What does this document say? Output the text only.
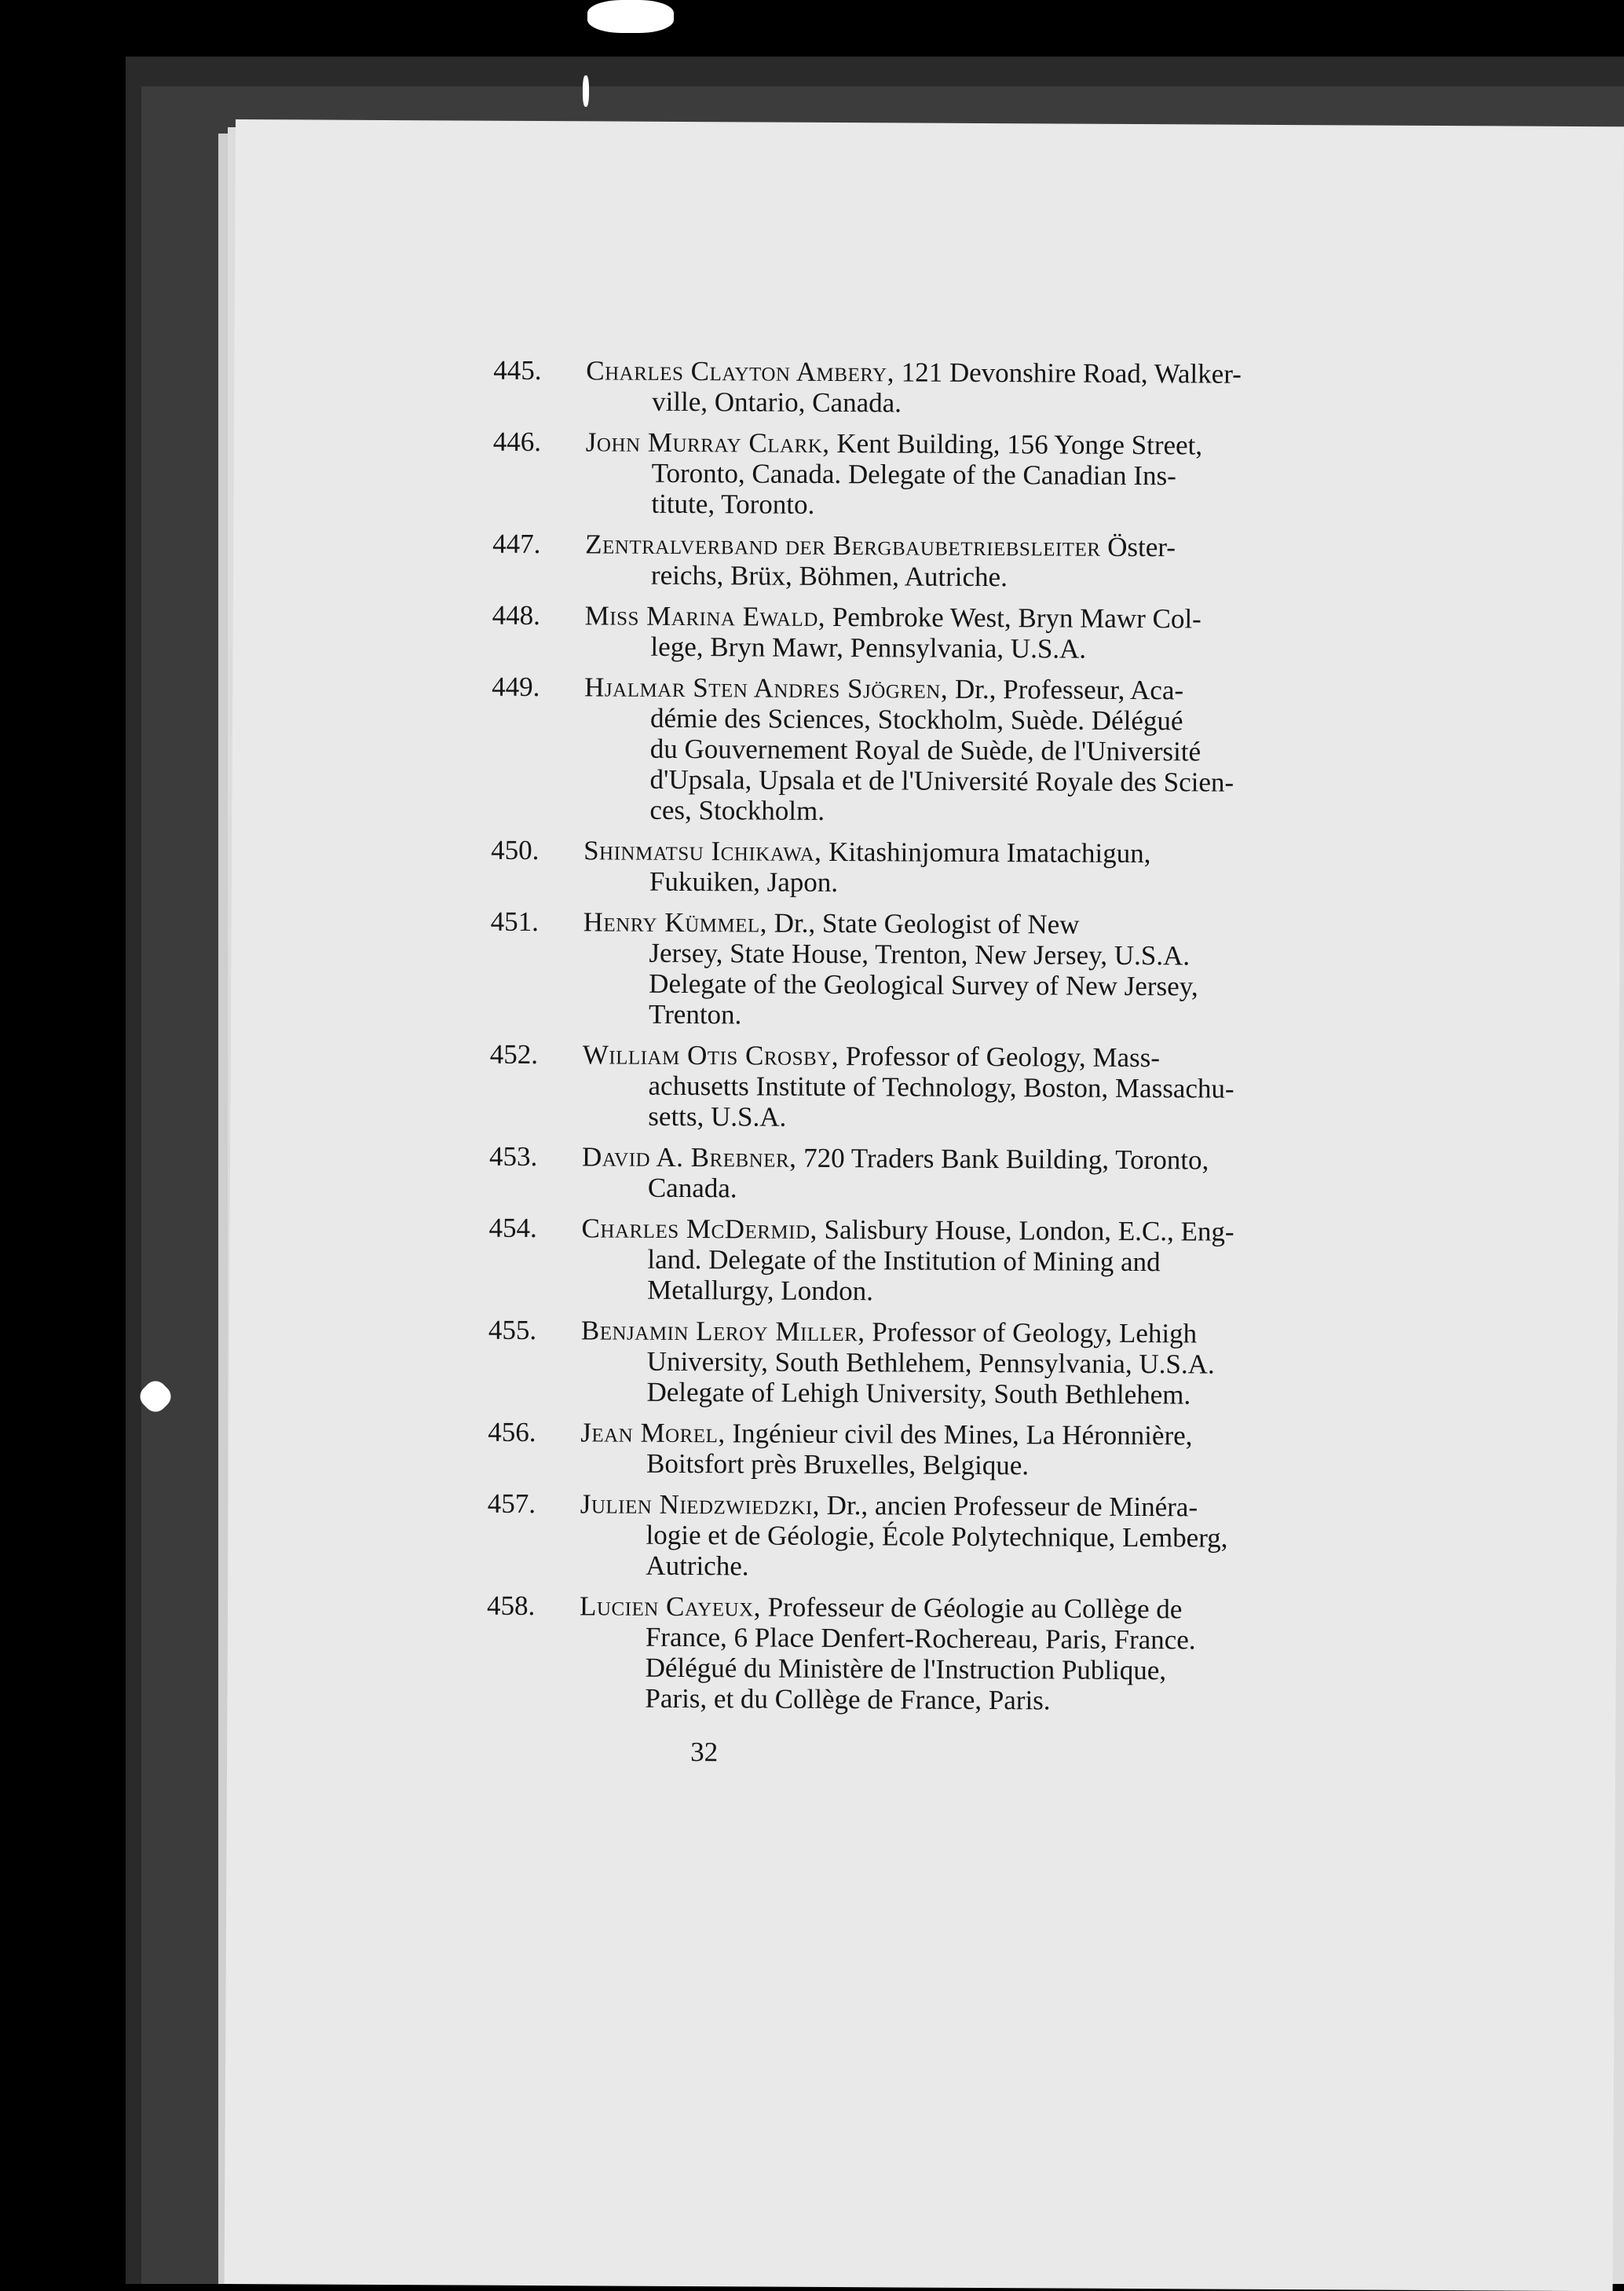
445.	Charles Clayton Ambery, 121 Devonshire Road, Walker-
ville, Ontario, Canada.
446.	John Murray Clark, Kent Building, 156 Yonge Street,
Toronto, Canada. Delegate of the Canadian Ins-
titute, Toronto.
447.	Zentralverband der Bergbaubetriebsleiter Öster-
reichs, Brüx, Böhmen, Autriche.
448.	Miss Marina Ewald, Pembroke West, Bryn Mawr Col-
lege, Bryn Mawr, Pennsylvania, U.S.A.
449.	Hjalmar Sten Andres Sjögren, Dr., Professeur, Aca-
démie des Sciences, Stockholm, Suède. Délégué
du Gouvernement Royal de Suède, de l'Université
d'Upsala, Upsala et de l'Université Royale des Scien-
ces, Stockholm.
450.	Shinmatsu Ichikawa, Kitashinjomura Imatachigun,
Fukuiken, Japon.
451.	Henry Kümmel, Dr., State Geologist of New
Jersey, State House, Trenton, New Jersey, U.S.A.
Delegate of the Geological Survey of New Jersey,
Trenton.
452.	William Otis Crosby, Professor of Geology, Mass-
achusetts Institute of Technology, Boston, Massachu-
setts, U.S.A.
453.	David A. Brebner, 720 Traders Bank Building, Toronto,
Canada.
454.	Charles McDermid, Salisbury House, London, E.C., Eng-
land. Delegate of the Institution of Mining and
Metallurgy, London.
455.	Benjamin Leroy Miller, Professor of Geology, Lehigh
University, South Bethlehem, Pennsylvania, U.S.A.
Delegate of Lehigh University, South Bethlehem.
456.	Jean Morel, Ingénieur civil des Mines, La Héronnière,
Boitsfort près Bruxelles, Belgique.
457.	Julien Niedzwiedzki, Dr., ancien Professeur de Minéra-
logie et de Géologie, École Polytechnique, Lemberg,
Autriche.
458.	Lucien Cayeux, Professeur de Géologie au Collège de
France, 6 Place Denfert-Rochereau, Paris, France.
Délégué du Ministère de l'Instruction Publique,
Paris, et du Collège de France, Paris.
32
